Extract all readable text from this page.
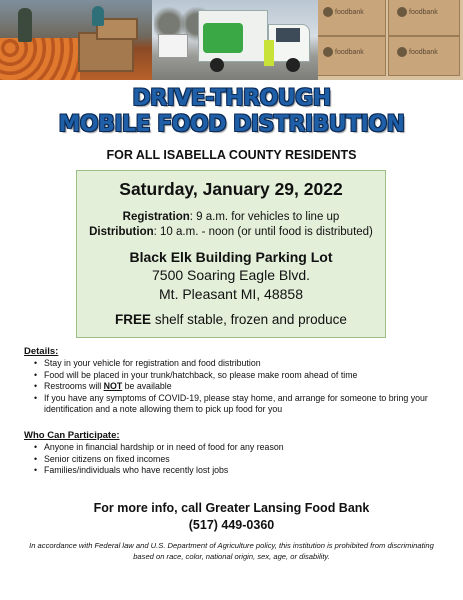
foodbank	foodbank
foodbank	foodbank
DRIVE-THROUGH
MOBILE FOOD DISTRIBUTION
FOR ALL ISABELLA COUNTY RESIDENTS
Saturday, January 29, 2022
Registration: 9 a.m. for vehicles to line up
Distribution: 10 a.m. - noon (or until food is distributed)
Black Elk Building Parking Lot
7500 Soaring Eagle Blvd.
Mt. Pleasant MI, 48858
FREE shelf stable, frozen and produce
Details:
• Stay in your vehicle for registration and food distribution
• Food will be placed in your trunk/hatchback, so please make room ahead of time
• Restrooms will NOT be available
• If you have any symptoms of COVID-19, please stay home, and arrange for someone to bring your identification and a note allowing them to pick up food for you
Who Can Participate:
• Anyone in financial hardship or in need of food for any reason
• Senior citizens on fixed incomes
• Families/individuals who have recently lost jobs
For more info, call Greater Lansing Food Bank
(517) 449-0360
In accordance with Federal law and U.S. Department of Agriculture policy, this institution is prohibited from discriminating based on race, color, national origin, sex, age, or disability.
